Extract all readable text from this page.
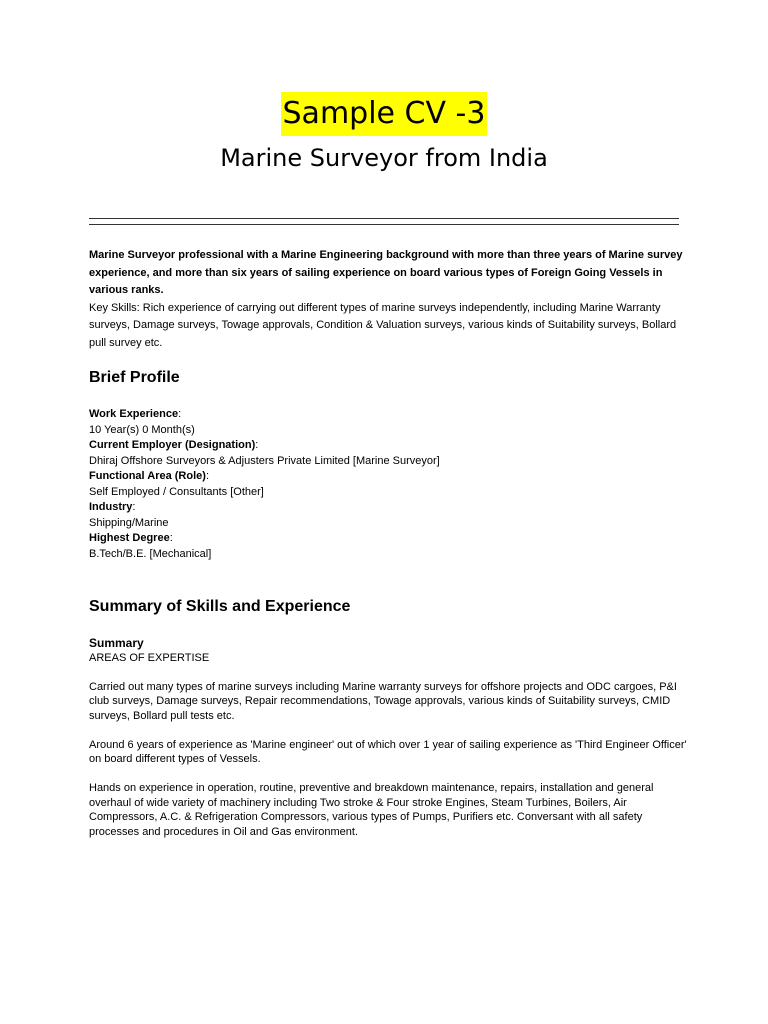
Sample CV -3
Marine Surveyor from India
Marine Surveyor professional with a Marine Engineering background with more than three years of Marine survey experience, and more than six years of sailing experience on board various types of Foreign Going Vessels in various ranks.
Key Skills: Rich experience of carrying out different types of marine surveys independently, including Marine Warranty surveys, Damage surveys, Towage approvals, Condition & Valuation surveys, various kinds of Suitability surveys, Bollard pull survey etc.
Brief Profile
Work Experience:
10 Year(s) 0 Month(s)
Current Employer (Designation):
Dhiraj Offshore Surveyors & Adjusters Private Limited [Marine Surveyor]
Functional Area (Role):
Self Employed / Consultants [Other]
Industry:
Shipping/Marine
Highest Degree:
B.Tech/B.E. [Mechanical]
Summary of Skills and Experience
Summary
AREAS OF EXPERTISE

Carried out many types of marine surveys including Marine warranty surveys for offshore projects and ODC cargoes, P&I club surveys, Damage surveys, Repair recommendations, Towage approvals, various kinds of Suitability surveys, CMID surveys, Bollard pull tests etc.

Around 6 years of experience as 'Marine engineer' out of which over 1 year of sailing experience as 'Third Engineer Officer' on board different types of Vessels.

Hands on experience in operation, routine, preventive and breakdown maintenance, repairs, installation and general overhaul of wide variety of machinery including Two stroke & Four stroke Engines, Steam Turbines, Boilers, Air Compressors, A.C. & Refrigeration Compressors, various types of Pumps, Purifiers etc. Conversant with all safety processes and procedures in Oil and Gas environment.
